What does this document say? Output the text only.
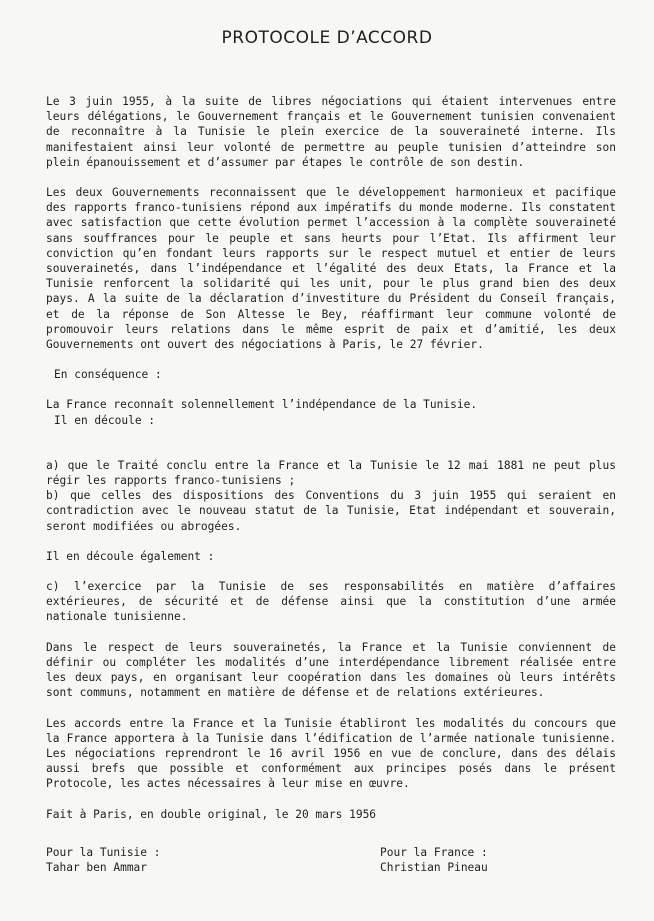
PROTOCOLE D’ACCORD

Le 3 juin 1955, à la suite de libres négociations qui étaient intervenues entre leurs délégations, le Gouvernement français et le Gouvernement tunisien convenaient de reconnaître à la Tunisie le plein exercice de la souveraineté interne. Ils manifestaient ainsi leur volonté de permettre au peuple tunisien d’atteindre son plein épanouissement et d’assumer par étapes le contrôle de son destin.

Les deux Gouvernements reconnaissent que le développement harmonieux et pacifique des rapports franco-tunisiens répond aux impératifs du monde moderne. Ils constatent avec satisfaction que cette évolution permet l’accession à la complète souveraineté sans souffrances pour le peuple et sans heurts pour l’Etat. Ils affirment leur conviction qu’en fondant leurs rapports sur le respect mutuel et entier de leurs souverainetés, dans l’indépendance et l’égalité des deux Etats, la France et la Tunisie renforcent la solidarité qui les unit, pour le plus grand bien des deux pays. A la suite de la déclaration d’investiture du Président du Conseil français, et de la réponse de Son Altesse le Bey, réaffirmant leur commune volonté de promouvoir leurs relations dans le même esprit de paix et d’amitié, les deux Gouvernements ont ouvert des négociations à Paris, le 27 février.

En conséquence :

La France reconnaît solennellement l’indépendance de la Tunisie.
Il en découle :

a) que le Traité conclu entre la France et la Tunisie le 12 mai 1881 ne peut plus régir les rapports franco-tunisiens ;
b) que celles des dispositions des Conventions du 3 juin 1955 qui seraient en contradiction avec le nouveau statut de la Tunisie, Etat indépendant et souverain, seront modifiées ou abrogées.

Il en découle également :

c) l’exercice par la Tunisie de ses responsabilités en matière d’affaires extérieures, de sécurité et de défense ainsi que la constitution d’une armée nationale tunisienne.

Dans le respect de leurs souverainetés, la France et la Tunisie conviennent de définir ou compléter les modalités d’une interdépendance librement réalisée entre les deux pays, en organisant leur coopération dans les domaines où leurs intérêts sont communs, notamment en matière de défense et de relations extérieures.

Les accords entre la France et la Tunisie établiront les modalités du concours que la France apportera à la Tunisie dans l’édification de l’armée nationale tunisienne. Les négociations reprendront le 16 avril 1956 en vue de conclure, dans des délais aussi brefs que possible et conformément aux principes posés dans le présent Protocole, les actes nécessaires à leur mise en œuvre.

Fait à Paris, en double original, le 20 mars 1956

Pour la Tunisie :
Tahar ben Ammar
Pour la France :
Christian Pineau
